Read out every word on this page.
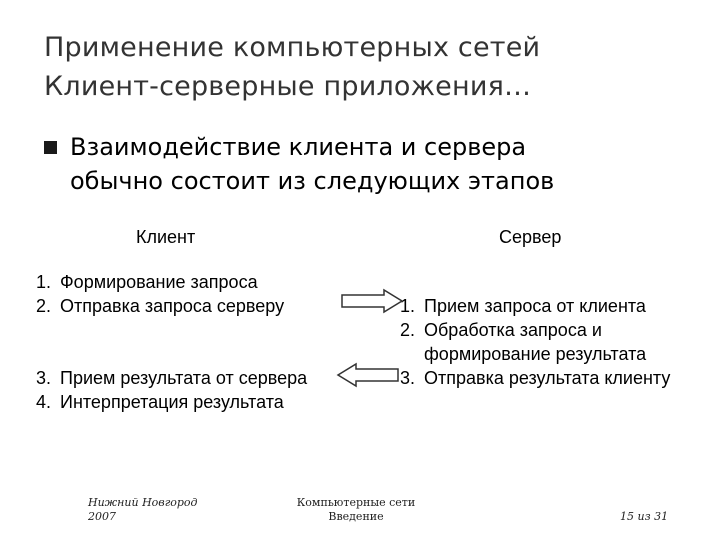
Применение компьютерных сетей
Клиент-серверные приложения…
Взаимодействие клиента и сервера
обычно состоит из следующих этапов
Клиент	Сервер
1. Формирование запроса
2. Отправка запроса серверу
3. Прием результата от сервера
4. Интерпретация результата
1. Прием запроса от клиента
2. Обработка запроса и
формирование результата
3. Отправка результата клиенту
Нижний Новгород
2007
Компьютерные сети
Введение	15 из 31
